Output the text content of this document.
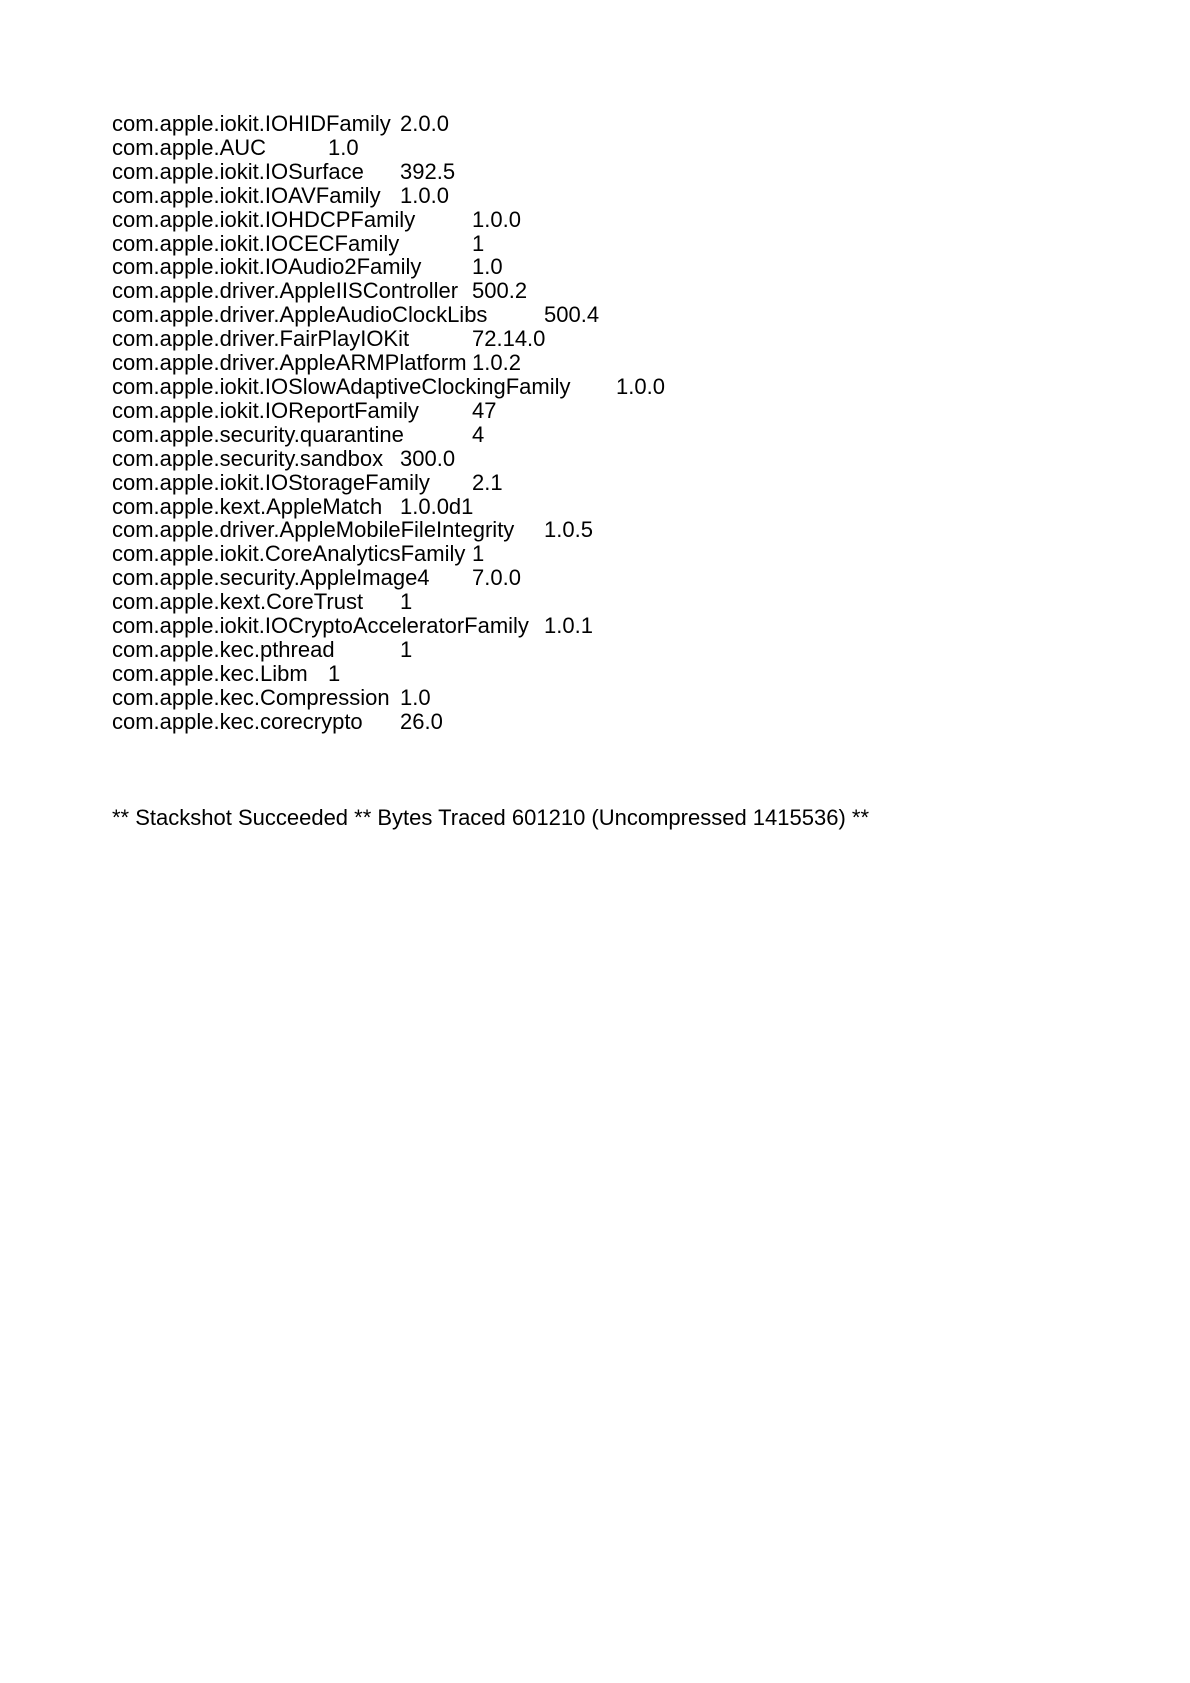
com.apple.iokit.IOHIDFamily	2.0.0
com.apple.AUC	1.0
com.apple.iokit.IOSurface	392.5
com.apple.iokit.IOAVFamily	1.0.0
com.apple.iokit.IOHDCPFamily	1.0.0
com.apple.iokit.IOCECFamily	1
com.apple.iokit.IOAudio2Family	1.0
com.apple.driver.AppleIISController	500.2
com.apple.driver.AppleAudioClockLibs	500.4
com.apple.driver.FairPlayIOKit	72.14.0
com.apple.driver.AppleARMPlatform	1.0.2
com.apple.iokit.IOSlowAdaptiveClockingFamily	1.0.0
com.apple.iokit.IOReportFamily	47
com.apple.security.quarantine	4
com.apple.security.sandbox	300.0
com.apple.iokit.IOStorageFamily	2.1
com.apple.kext.AppleMatch	1.0.0d1
com.apple.driver.AppleMobileFileIntegrity	1.0.5
com.apple.iokit.CoreAnalyticsFamily	1
com.apple.security.AppleImage4	7.0.0
com.apple.kext.CoreTrust	1
com.apple.iokit.IOCryptoAcceleratorFamily	1.0.1
com.apple.kec.pthread	1
com.apple.kec.Libm	1
com.apple.kec.Compression	1.0
com.apple.kec.corecrypto	26.0
** Stackshot Succeeded ** Bytes Traced 601210 (Uncompressed 1415536) **
